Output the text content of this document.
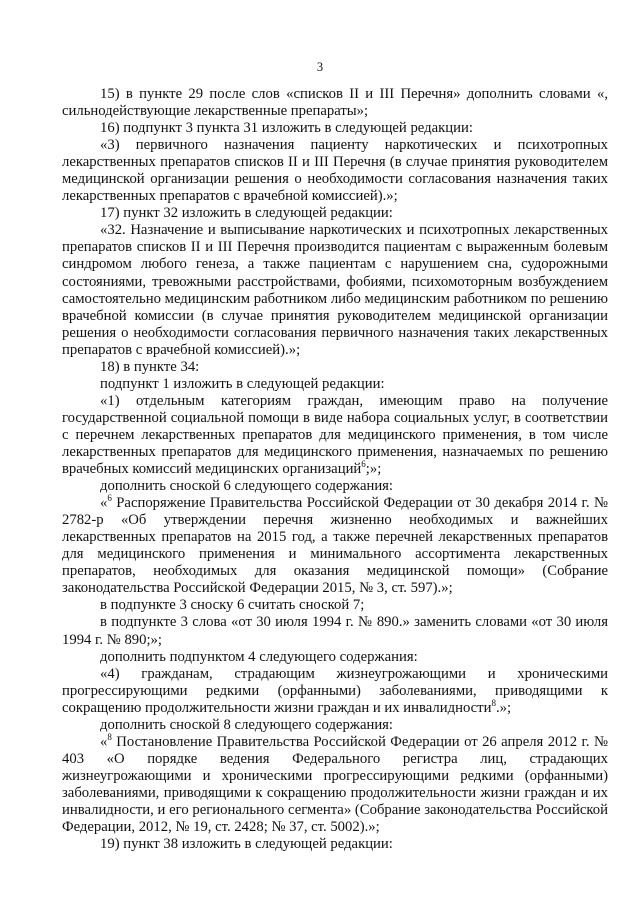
3

15) в пункте 29 после слов «списков II и III Перечня» дополнить словами «, сильнодействующие лекарственные препараты»;

16) подпункт 3 пункта 31 изложить в следующей редакции:

«3) первичного назначения пациенту наркотических и психотропных лекарственных препаратов списков II и III Перечня (в случае принятия руководителем медицинской организации решения о необходимости согласования назначения таких лекарственных препаратов с врачебной комиссией).»;

17) пункт 32 изложить в следующей редакции:

«32. Назначение и выписывание наркотических и психотропных лекарственных препаратов списков II и III Перечня производится пациентам с выраженным болевым синдромом любого генеза, а также пациентам с нарушением сна, судорожными состояниями, тревожными расстройствами, фобиями, психомоторным возбуждением самостоятельно медицинским работником либо медицинским работником по решению врачебной комиссии (в случае принятия руководителем медицинской организации решения о необходимости согласования первичного назначения таких лекарственных препаратов с врачебной комиссией).»;

18) в пункте 34:

подпункт 1 изложить в следующей редакции:

«1) отдельным категориям граждан, имеющим право на получение государственной социальной помощи в виде набора социальных услуг, в соответствии с перечнем лекарственных препаратов для медицинского применения, в том числе лекарственных препаратов для медицинского применения, назначаемых по решению врачебных комиссий медицинских организаций$^6$;»;

дополнить сноской 6 следующего содержания:

«$^6$ Распоряжение Правительства Российской Федерации от 30 декабря 2014 г. № 2782-р «Об утверждении перечня жизненно необходимых и важнейших лекарственных препаратов на 2015 год, а также перечней лекарственных препаратов для медицинского применения и минимального ассортимента лекарственных препаратов, необходимых для оказания медицинской помощи» (Собрание законодательства Российской Федерации 2015, № 3, ст. 597).»;

в подпункте 3 сноску 6 считать сноской 7;

в подпункте 3 слова «от 30 июля 1994 г. № 890.» заменить словами «от 30 июля 1994 г. № 890;»;

дополнить подпунктом 4 следующего содержания:

«4) гражданам, страдающим жизнеугрожающими и хроническими прогрессирующими редкими (орфанными) заболеваниями, приводящими к сокращению продолжительности жизни граждан и их инвалидности$^8$.»;

дополнить сноской 8 следующего содержания:

«$^8$ Постановление Правительства Российской Федерации от 26 апреля 2012 г. № 403 «О порядке ведения Федерального регистра лиц, страдающих жизнеугрожающими и хроническими прогрессирующими редкими (орфанными) заболеваниями, приводящими к сокращению продолжительности жизни граждан и их инвалидности, и его регионального сегмента» (Собрание законодательства Российской Федерации, 2012, № 19, ст. 2428; № 37, ст. 5002).»;

19) пункт 38 изложить в следующей редакции:
